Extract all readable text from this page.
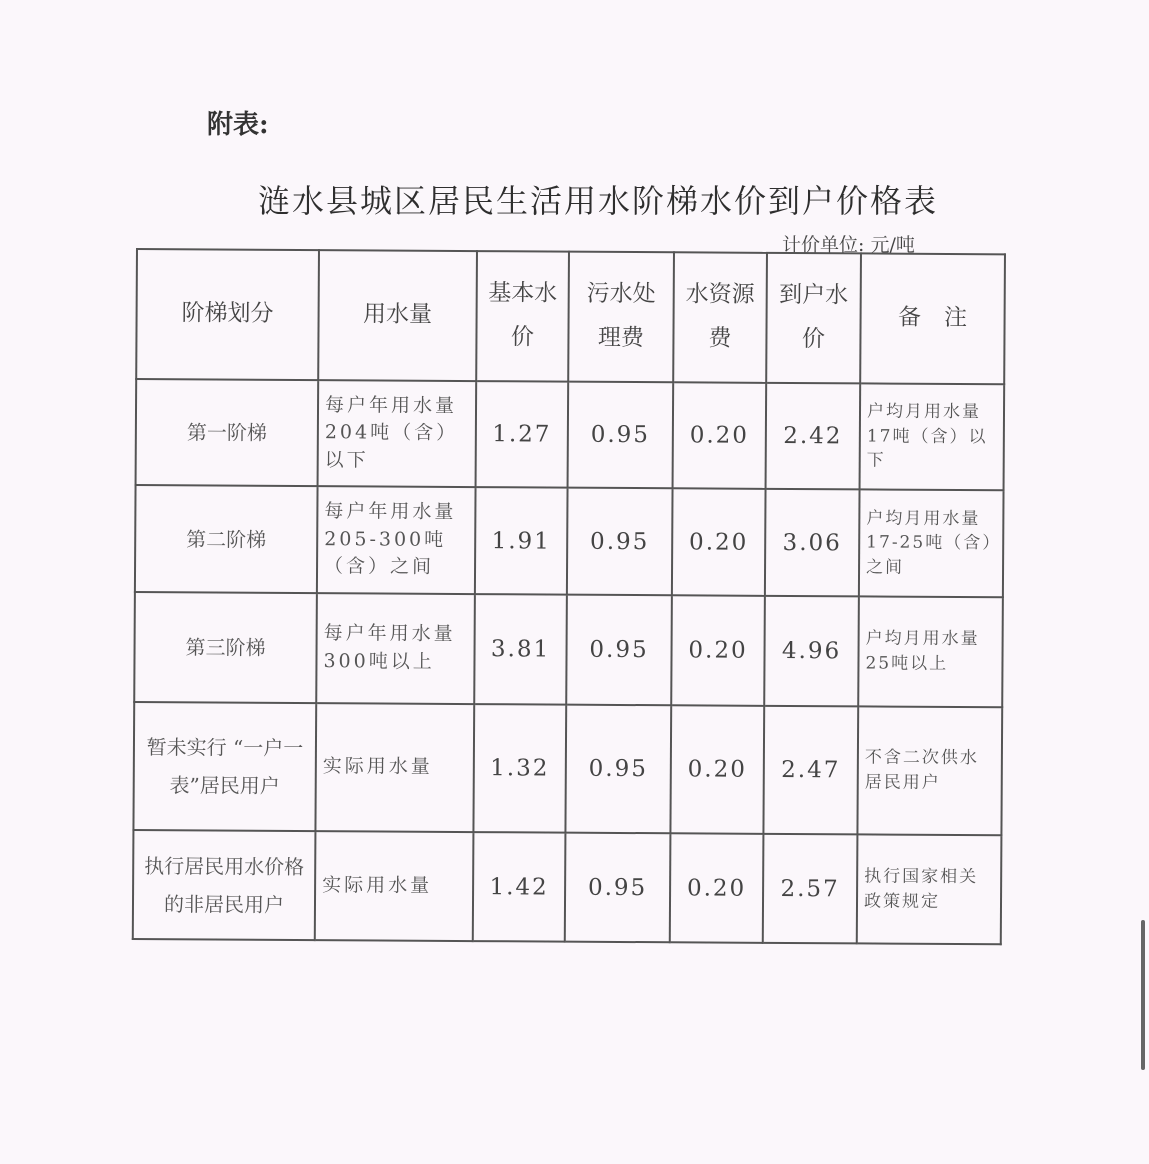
附表:
涟水县城区居民生活用水阶梯水价到户价格表
计价单位: 元/吨
阶梯划分	用水量	基本水价	污水处理费	水资源费	到户水价	备　注
第一阶梯	每户年用水量204吨（含）以下	1.27	0.95	0.20	2.42	户均月用水量17吨（含）以下
第二阶梯	每户年用水量205-300吨（含）之间	1.91	0.95	0.20	3.06	户均月用水量17-25吨（含）之间
第三阶梯	每户年用水量300吨以上	3.81	0.95	0.20	4.96	户均月用水量25吨以上
暂未实行 “一户一表”居民用户	实际用水量	1.32	0.95	0.20	2.47	不含二次供水居民用户
执行居民用水价格的非居民用户	实际用水量	1.42	0.95	0.20	2.57	执行国家相关政策规定
